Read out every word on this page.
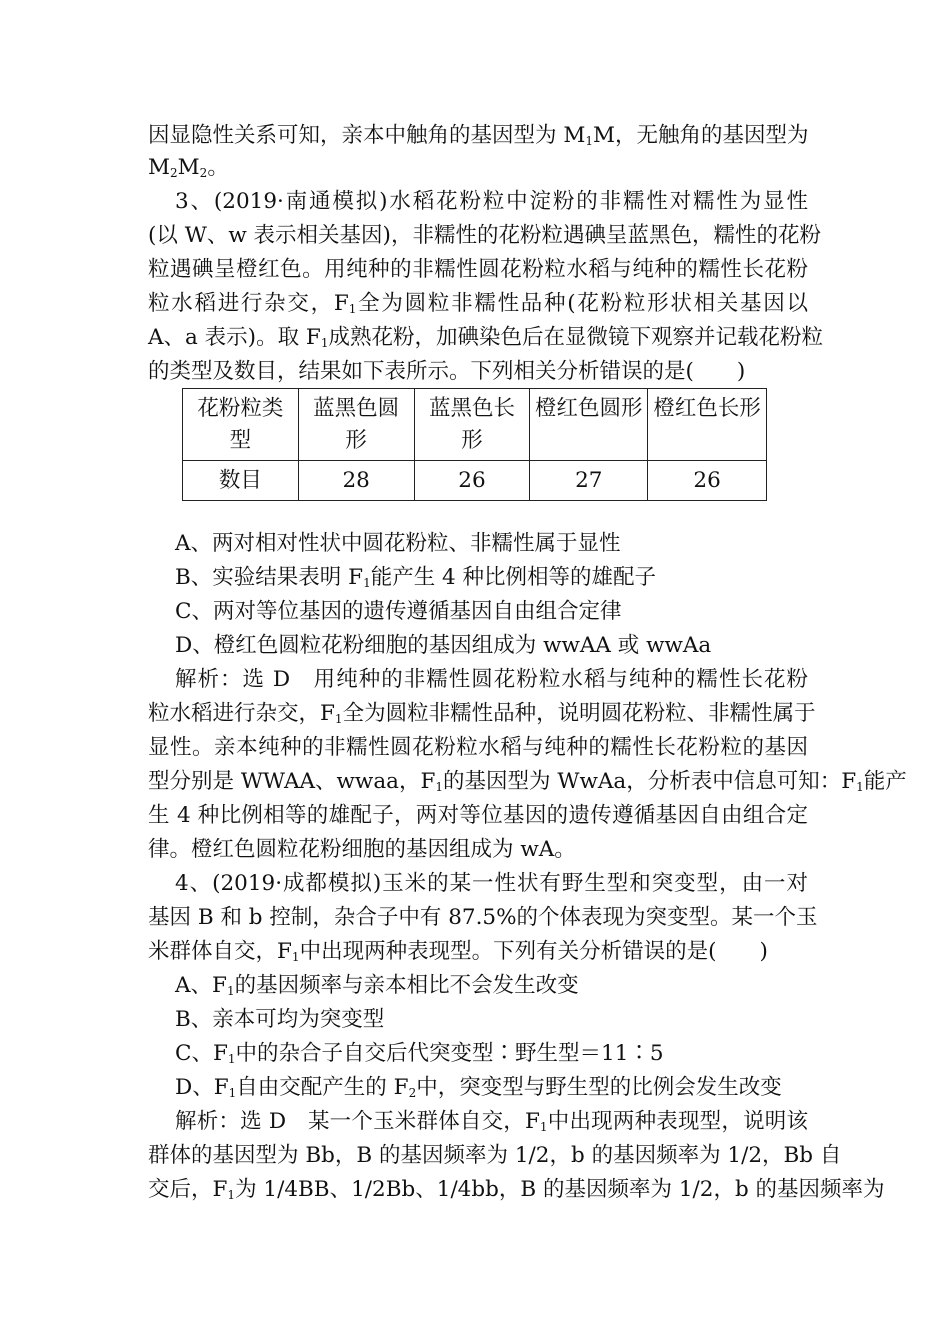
因显隐性关系可知，亲本中触角的基因型为 $M_1M$，无触角的基因型为
$M_2M_2$。
3、(2019·南通模拟)水稻花粉粒中淀粉的非糯性对糯性为显性
(以 W、w 表示相关基因)，非糯性的花粉粒遇碘呈蓝黑色，糯性的花粉
粒遇碘呈橙红色。用纯种的非糯性圆花粉粒水稻与纯种的糯性长花粉
粒水稻进行杂交，$F_1$全为圆粒非糯性品种(花粉粒形状相关基因以
A、a 表示)。取 $F_1$成熟花粉，加碘染色后在显微镜下观察并记载花粉粒
的类型及数目，结果如下表所示。下列相关分析错误的是(　　)
花粉粒类型	蓝黑色圆形	蓝黑色长形	橙红色圆形	橙红色长形
数目	28	26	27	26
A、两对相对性状中圆花粉粒、非糯性属于显性
B、实验结果表明 $F_1$能产生 4 种比例相等的雄配子
C、两对等位基因的遗传遵循基因自由组合定律
D、橙红色圆粒花粉细胞的基因组成为 wwAA 或 wwAa
解析：选 D　用纯种的非糯性圆花粉粒水稻与纯种的糯性长花粉
粒水稻进行杂交，$F_1$全为圆粒非糯性品种，说明圆花粉粒、非糯性属于
显性。亲本纯种的非糯性圆花粉粒水稻与纯种的糯性长花粉粒的基因
型分别是 WWAA、wwaa，$F_1$的基因型为 WwAa，分析表中信息可知：$F_1$能产
生 4 种比例相等的雄配子，两对等位基因的遗传遵循基因自由组合定
律。橙红色圆粒花粉细胞的基因组成为 wA。
4、(2019·成都模拟)玉米的某一性状有野生型和突变型，由一对
基因 B 和 b 控制，杂合子中有 87.5%的个体表现为突变型。某一个玉
米群体自交，$F_1$中出现两种表现型。下列有关分析错误的是(　　)
A、$F_1$的基因频率与亲本相比不会发生改变
B、亲本可均为突变型
C、$F_1$中的杂合子自交后代突变型∶野生型＝11∶5
D、$F_1$自由交配产生的 $F_2$中，突变型与野生型的比例会发生改变
解析：选 D　某一个玉米群体自交，$F_1$中出现两种表现型，说明该
群体的基因型为 Bb，B 的基因频率为 1/2，b 的基因频率为 1/2，Bb 自
交后，$F_1$为 1/4BB、1/2Bb、1/4bb，B 的基因频率为 1/2，b 的基因频率为
